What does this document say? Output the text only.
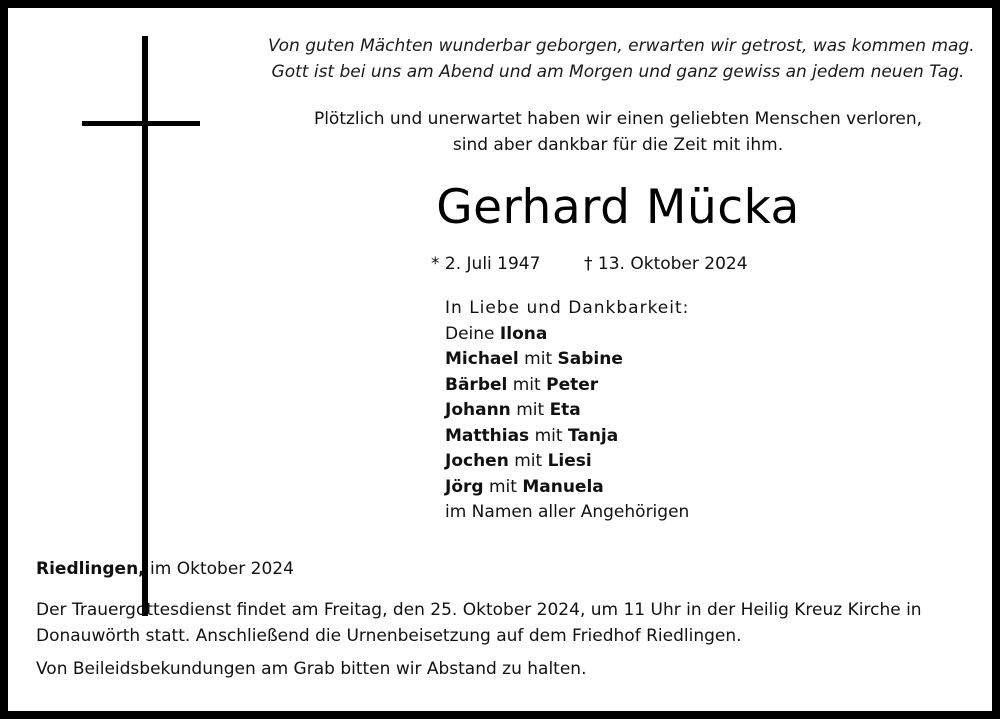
Von guten Mächten wunderbar geborgen, erwarten wir getrost, was kommen mag.
Gott ist bei uns am Abend und am Morgen und ganz gewiss an jedem neuen Tag.
Plötzlich und unerwartet haben wir einen geliebten Menschen verloren,
sind aber dankbar für die Zeit mit ihm.
Gerhard Mücka
* 2. Juli 1947	† 13. Oktober 2024
In Liebe und Dankbarkeit:
Deine Ilona
Michael mit Sabine
Bärbel mit Peter
Johann mit Eta
Matthias mit Tanja
Jochen mit Liesi
Jörg mit Manuela
im Namen aller Angehörigen
Riedlingen, im Oktober 2024
Der Trauergottesdienst findet am Freitag, den 25. Oktober 2024, um 11 Uhr in der Heilig Kreuz Kirche in
Donauwörth statt. Anschließend die Urnenbeisetzung auf dem Friedhof Riedlingen.
Von Beileidsbekundungen am Grab bitten wir Abstand zu halten.
